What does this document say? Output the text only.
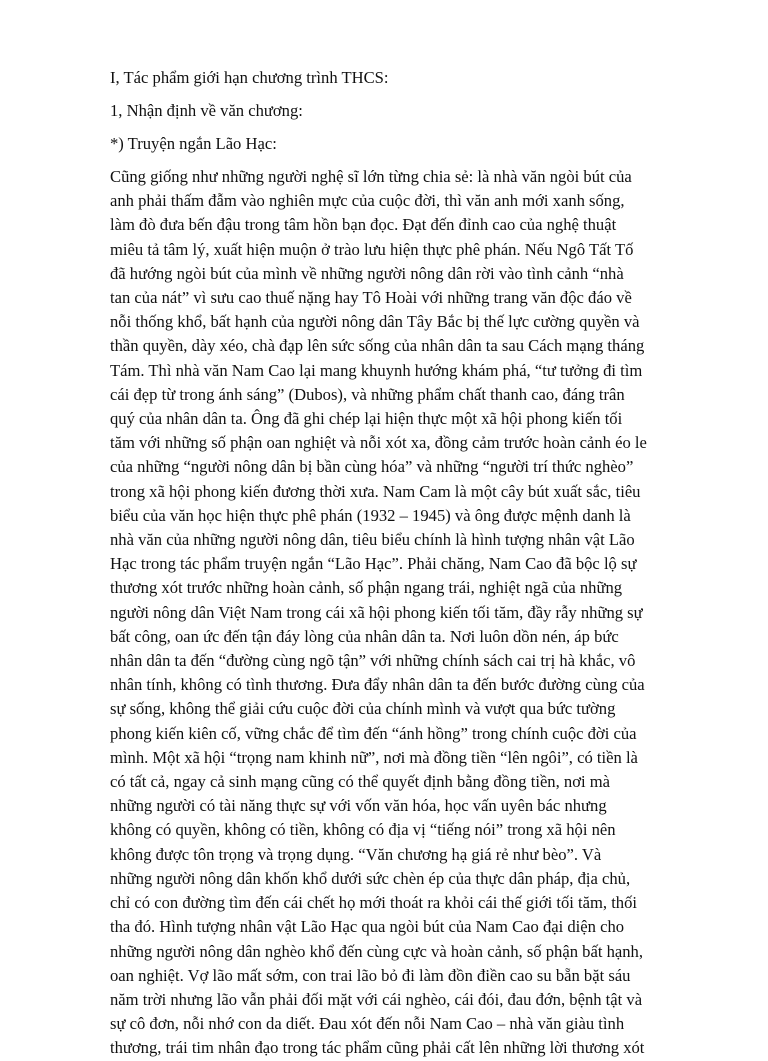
I, Tác phẩm giới hạn chương trình THCS:

1, Nhận định về văn chương:

*) Truyện ngắn Lão Hạc:

Cũng giống như những người nghệ sĩ lớn từng chia sẻ: là nhà văn ngòi bút của
anh phải thấm đẫm vào nghiên mực của cuộc đời, thì văn anh mới xanh sống,
làm đò đưa bến đậu trong tâm hồn bạn đọc. Đạt đến đỉnh cao của nghệ thuật
miêu tả tâm lý, xuất hiện muộn ở trào lưu hiện thực phê phán. Nếu Ngô Tất Tố
đã hướng ngòi bút của mình về những người nông dân rời vào tình cảnh “nhà
tan của nát” vì sưu cao thuế nặng hay Tô Hoài với những trang văn độc đáo về
nỗi thống khổ, bất hạnh của người nông dân Tây Bắc bị thế lực cường quyền và
thần quyền, dày xéo, chà đạp lên sức sống của nhân dân ta sau Cách mạng tháng
Tám. Thì nhà văn Nam Cao lại mang khuynh hướng khám phá, “tư tưởng đi tìm
cái đẹp từ trong ánh sáng” (Dubos), và những phẩm chất thanh cao, đáng trân
quý của nhân dân ta. Ông đã ghi chép lại hiện thực một xã hội phong kiến tối
tăm với những số phận oan nghiệt và nỗi xót xa, đồng cảm trước hoàn cảnh éo le
của những “người nông dân bị bần cùng hóa” và những “người trí thức nghèo”
trong xã hội phong kiến đương thời xưa. Nam Cam là một cây bút xuất sắc, tiêu
biểu của văn học hiện thực phê phán (1932 – 1945) và ông được mệnh danh là
nhà văn của những người nông dân, tiêu biểu chính là hình tượng nhân vật Lão
Hạc trong tác phẩm truyện ngắn “Lão Hạc”. Phải chăng, Nam Cao đã bộc lộ sự
thương xót trước những hoàn cảnh, số phận ngang trái, nghiệt ngã của những
người nông dân Việt Nam trong cái xã hội phong kiến tối tăm, đầy rẫy những sự
bất công, oan ức đến tận đáy lòng của nhân dân ta. Nơi luôn dồn nén, áp bức
nhân dân ta đến “đường cùng ngõ tận” với những chính sách cai trị hà khắc, vô
nhân tính, không có tình thương. Đưa đẩy nhân dân ta đến bước đường cùng của
sự sống, không thể giải cứu cuộc đời của chính mình và vượt qua bức tường
phong kiến kiên cố, vững chắc để tìm đến “ánh hồng” trong chính cuộc đời của
mình. Một xã hội “trọng nam khinh nữ”, nơi mà đồng tiền “lên ngôi”, có tiền là
có tất cả, ngay cả sinh mạng cũng có thể quyết định bằng đồng tiền, nơi mà
những người có tài năng thực sự với vốn văn hóa, học vấn uyên bác nhưng
không có quyền, không có tiền, không có địa vị “tiếng nói” trong xã hội nên
không được tôn trọng và trọng dụng. “Văn chương hạ giá rẻ như bèo”. Và
những người nông dân khốn khổ dưới sức chèn ép của thực dân pháp, địa chủ,
chỉ có con đường tìm đến cái chết họ mới thoát ra khỏi cái thế giới tối tăm, thối
tha đó. Hình tượng nhân vật Lão Hạc qua ngòi bút của Nam Cao đại diện cho
những người nông dân nghèo khổ đến cùng cực và hoàn cảnh, số phận bất hạnh,
oan nghiệt. Vợ lão mất sớm, con trai lão bỏ đi làm đồn điền cao su bẵn bặt sáu
năm trời nhưng lão vẫn phải đối mặt với cái nghèo, cái đói, đau đớn, bệnh tật và
sự cô đơn, nỗi nhớ con da diết. Đau xót đến nỗi Nam Cao – nhà văn giàu tình
thương, trái tim nhân đạo trong tác phẩm cũng phải cất lên những lời thương xót
